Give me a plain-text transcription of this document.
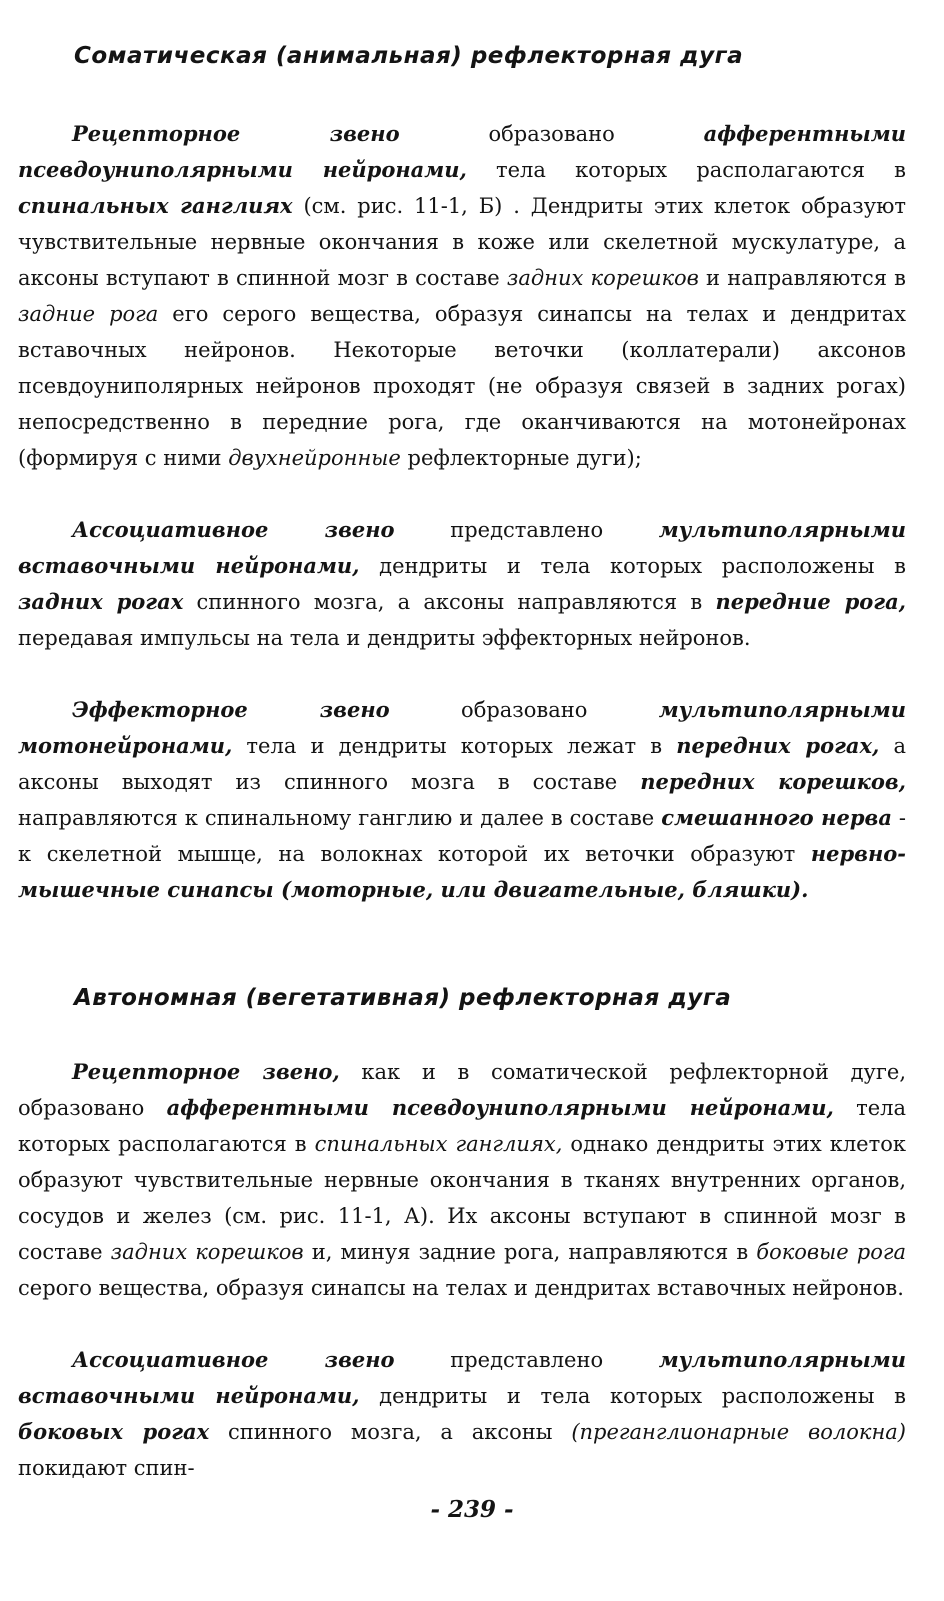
Соматическая (анимальная) рефлекторная дуга

Рецепторное звено образовано афферентными псевдоуниполярными нейронами, тела которых располагаются в спинальных ганглиях (см. рис. 11-1, Б) . Дендриты этих клеток образуют чувствительные нервные окончания в коже или скелетной мускулатуре, а аксоны вступают в спинной мозг в составе задних корешков и направляются в задние рога его серого вещества, образуя синапсы на телах и дендритах вставочных нейронов. Некоторые веточки (коллатерали) аксонов псевдоуниполярных нейронов проходят (не образуя связей в задних рогах) непосредственно в передние рога, где оканчиваются на мотонейронах (формируя с ними двухнейронные рефлекторные дуги);

Ассоциативное звено представлено мультиполярными вставочными нейронами, дендриты и тела которых расположены в задних рогах спинного мозга, а аксоны направляются в передние рога, передавая импульсы на тела и дендриты эффекторных нейронов.

Эффекторное звено образовано мультиполярными мотонейронами, тела и дендриты которых лежат в передних рогах, а аксоны выходят из спинного мозга в составе передних корешков, направляются к спинальному ганглию и далее в составе смешанного нерва - к скелетной мышце, на волокнах которой их веточки образуют нервно-мышечные синапсы (моторные, или двигательные, бляшки).

Автономная (вегетативная) рефлекторная дуга

Рецепторное звено, как и в соматической рефлекторной дуге, образовано афферентными псевдоуниполярными нейронами, тела которых располагаются в спинальных ганглиях, однако дендриты этих клеток образуют чувствительные нервные окончания в тканях внутренних органов, сосудов и желез (см. рис. 11-1, А). Их аксоны вступают в спинной мозг в составе задних корешков и, минуя задние рога, направляются в боковые рога серого вещества, образуя синапсы на телах и дендритах вставочных нейронов.

Ассоциативное звено представлено мультиполярными вставочными нейронами, дендриты и тела которых расположены в боковых рогах спинного мозга, а аксоны (преганглионарные волокна) покидают спин-

- 239 -
